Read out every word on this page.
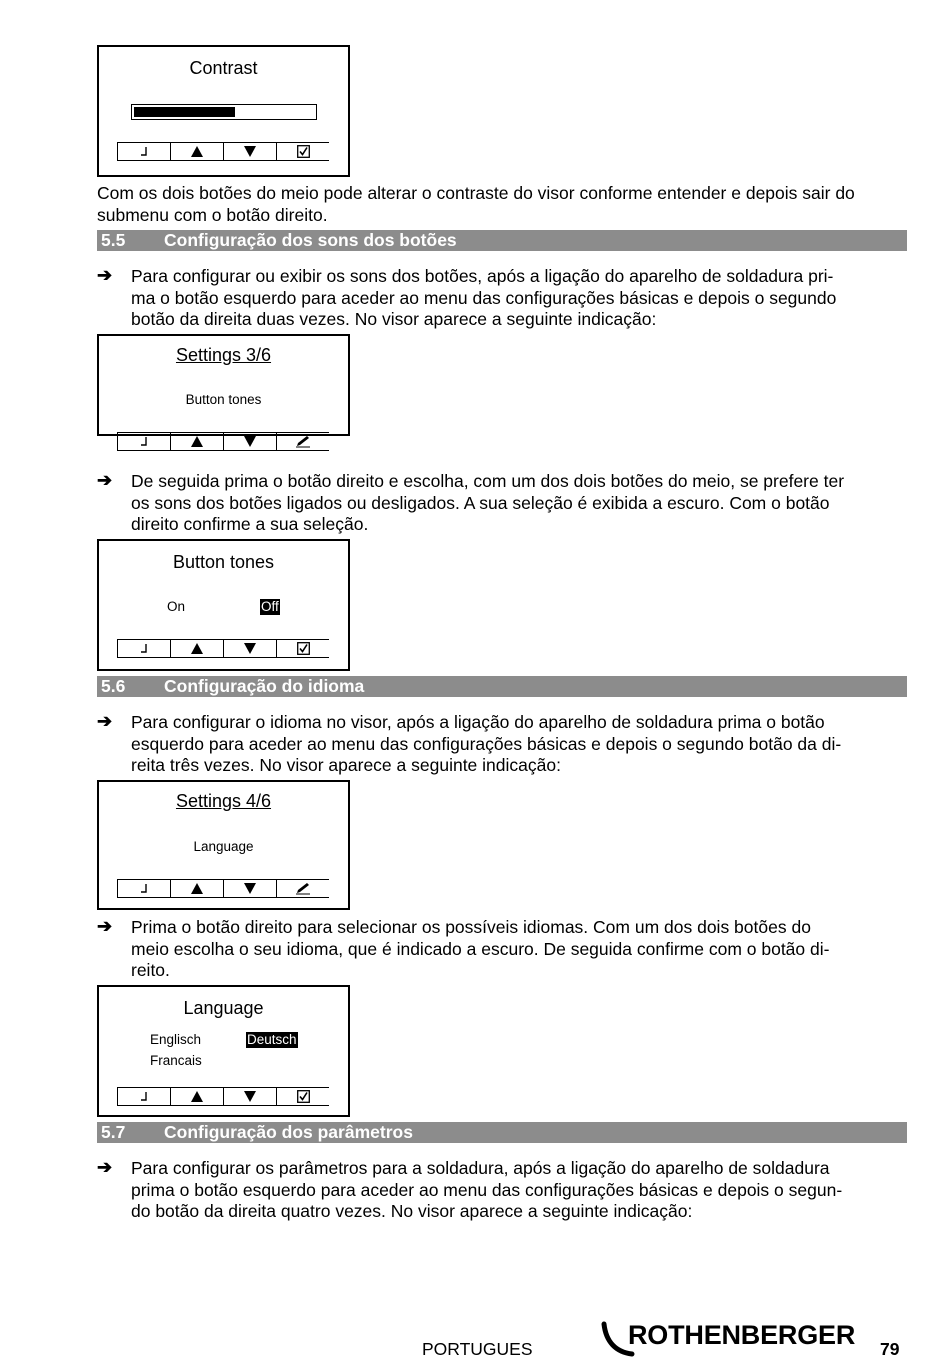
Contrast
Com os dois botões do meio pode alterar o contraste do visor conforme entender e depois sair do submenu com o botão direito.
5.5 Configuração dos sons dos botões
➔ Para configurar ou exibir os sons dos botões, após a ligação do aparelho de soldadura pri-
ma o botão esquerdo para aceder ao menu das configurações básicas e depois o segundo
botão da direita duas vezes. No visor aparece a seguinte indicação:
Settings 3/6
Button tones
➔ De seguida prima o botão direito e escolha, com um dos dois botões do meio, se prefere ter
os sons dos botões ligados ou desligados. A sua seleção é exibida a escuro. Com o botão
direito confirme a sua seleção.
Button tones
On	Off
5.6 Configuração do idioma
➔ Para configurar o idioma no visor, após a ligação do aparelho de soldadura prima o botão
esquerdo para aceder ao menu das configurações básicas e depois o segundo botão da di-
reita três vezes. No visor aparece a seguinte indicação:
Settings 4/6
Language
➔ Prima o botão direito para selecionar os possíveis idiomas. Com um dos dois botões do
meio escolha o seu idioma, que é indicado a escuro. De seguida confirme com o botão di-
reito.
Language
Englisch	Deutsch
Francais
5.7 Configuração dos parâmetros
➔ Para configurar os parâmetros para a soldadura, após a ligação do aparelho de soldadura
prima o botão esquerdo para aceder ao menu das configurações básicas e depois o segun-
do botão da direita quatro vezes. No visor aparece a seguinte indicação:
PORTUGUES	ROTHENBERGER 79
